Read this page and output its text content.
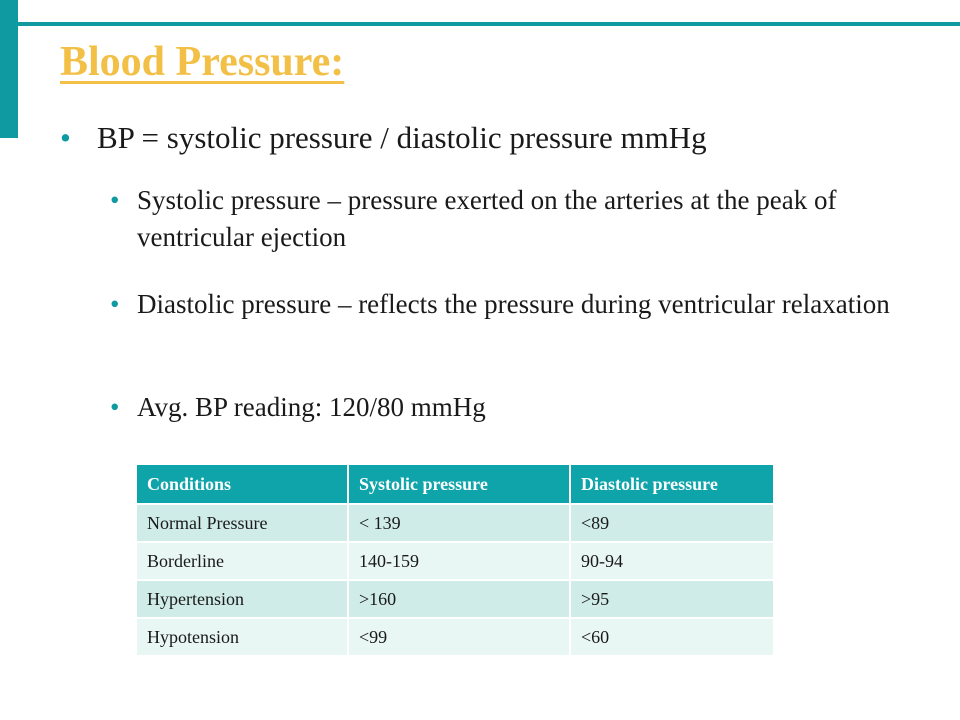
Blood Pressure:
• BP = systolic pressure / diastolic pressure mmHg
• Systolic pressure – pressure exerted on the arteries at the peak of ventricular ejection
• Diastolic pressure – reflects the pressure during ventricular relaxation
• Avg. BP reading: 120/80 mmHg
Conditions	Systolic pressure	Diastolic pressure
Normal Pressure	< 139	<89
Borderline	140-159	90-94
Hypertension	>160	>95
Hypotension	<99	<60
